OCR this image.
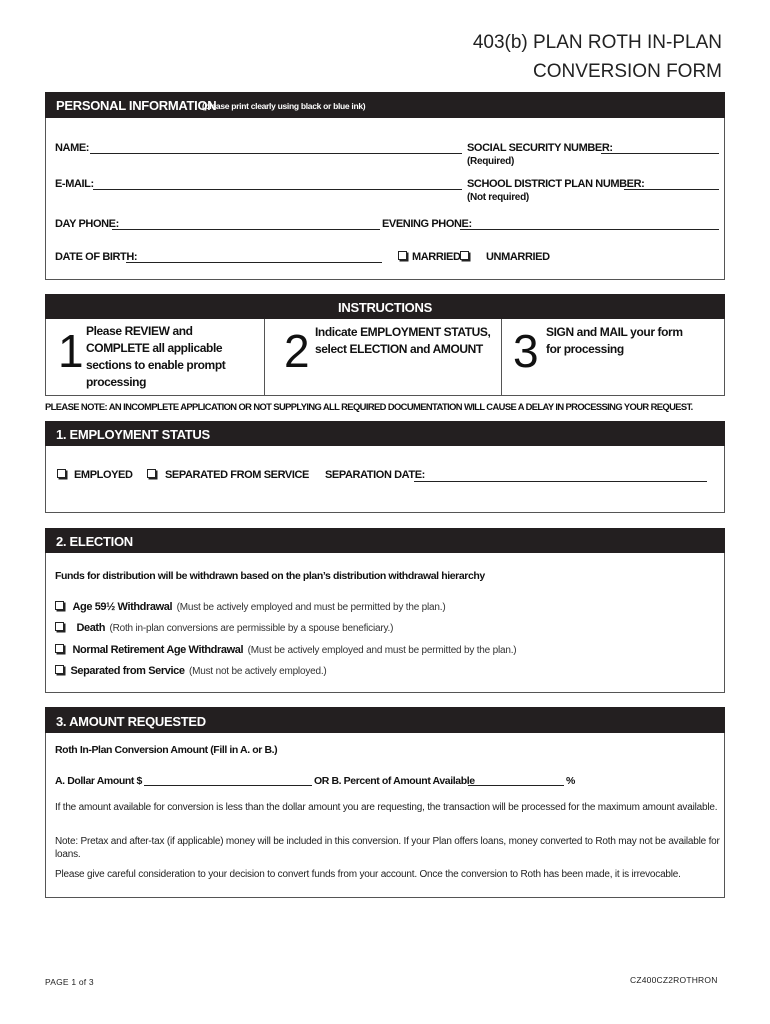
403(b) PLAN ROTH IN-PLAN
CONVERSION FORM
PERSONAL INFORMATION
(please print clearly using black or blue ink)
NAME:	SOCIAL SECURITY NUMBER:
(Required)
E-MAIL:	SCHOOL DISTRICT PLAN NUMBER:
(Not required)
DAY PHONE:	EVENING PHONE:
DATE OF BIRTH:	MARRIED UNMARRIED
INSTRUCTIONS
1 Please REVIEW and COMPLETE all applicable sections to enable prompt processing
2 Indicate EMPLOYMENT STATUS, select ELECTION and AMOUNT 3 SIGN and MAIL your form for processing
PLEASE NOTE: AN INCOMPLETE APPLICATION OR NOT SUPPLYING ALL REQUIRED DOCUMENTATION WILL CAUSE A DELAY IN PROCESSING YOUR REQUEST.
1. EMPLOYMENT STATUS
EMPLOYED	SEPARATED FROM SERVICE SEPARATION DATE:
2. ELECTION
Funds for distribution will be withdrawn based on the plan’s distribution withdrawal hierarchy
Age 59½ Withdrawal (Must be actively employed and must be permitted by the plan.)
Death (Roth in-plan conversions are permissible by a spouse beneficiary.)
Normal Retirement Age Withdrawal (Must be actively employed and must be permitted by the plan.)
Separated from Service (Must not be actively employed.)
3. AMOUNT REQUESTED
Roth In-Plan Conversion Amount (Fill in A. or B.)
A. Dollar Amount $	OR B. Percent of Amount Available	%
If the amount available for conversion is less than the dollar amount you are requesting, the transaction will be processed for the maximum amount available.
Note: Pretax and after-tax (if applicable) money will be included in this conversion. If your Plan offers loans, money converted to Roth may not be available for loans.
Please give careful consideration to your decision to convert funds from your account. Once the conversion to Roth has been made, it is irrevocable.
PAGE 1 of 3	CZ400CZ2ROTHRON
